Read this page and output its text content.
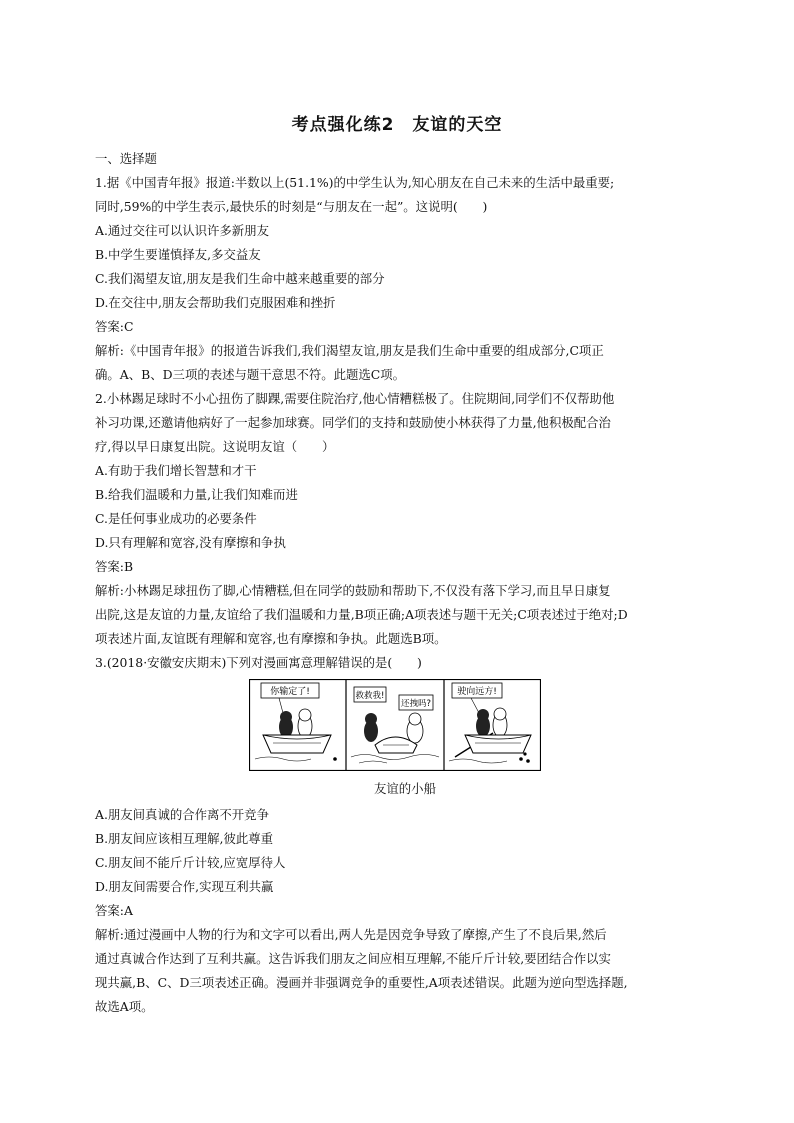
考点强化练2　友谊的天空
一、选择题
1.据《中国青年报》报道:半数以上(51.1%)的中学生认为,知心朋友在自己未来的生活中最重要;
同时,59%的中学生表示,最快乐的时刻是“与朋友在一起”。这说明(　　)
A.通过交往可以认识许多新朋友
B.中学生要谨慎择友,多交益友
C.我们渴望友谊,朋友是我们生命中越来越重要的部分
D.在交往中,朋友会帮助我们克服困难和挫折
答案:C
解析:《中国青年报》的报道告诉我们,我们渴望友谊,朋友是我们生命中重要的组成部分,C项正
确。A、B、D三项的表述与题干意思不符。此题选C项。
2.小林踢足球时不小心扭伤了脚踝,需要住院治疗,他心情糟糕极了。住院期间,同学们不仅帮助他
补习功课,还邀请他病好了一起参加球赛。同学们的支持和鼓励使小林获得了力量,他积极配合治
疗,得以早日康复出院。这说明友谊（　　）
A.有助于我们增长智慧和才干
B.给我们温暖和力量,让我们知难而进
C.是任何事业成功的必要条件
D.只有理解和宽容,没有摩擦和争执
答案:B
解析:小林踢足球扭伤了脚,心情糟糕,但在同学的鼓励和帮助下,不仅没有落下学习,而且早日康复
出院,这是友谊的力量,友谊给了我们温暖和力量,B项正确;A项表述与题干无关;C项表述过于绝对;D
项表述片面,友谊既有理解和宽容,也有摩擦和争执。此题选B项。
3.(2018·安徽安庆期末)下列对漫画寓意理解错误的是(　　)
你输定了!	救救我!
还拽吗?
驶向远方!
友谊的小船
A.朋友间真诚的合作离不开竞争
B.朋友间应该相互理解,彼此尊重
C.朋友间不能斤斤计较,应宽厚待人
D.朋友间需要合作,实现互利共赢
答案:A
解析:通过漫画中人物的行为和文字可以看出,两人先是因竞争导致了摩擦,产生了不良后果,然后
通过真诚合作达到了互利共赢。这告诉我们朋友之间应相互理解,不能斤斤计较,要团结合作以实
现共赢,B、C、D三项表述正确。漫画并非强调竞争的重要性,A项表述错误。此题为逆向型选择题,
故选A项。
